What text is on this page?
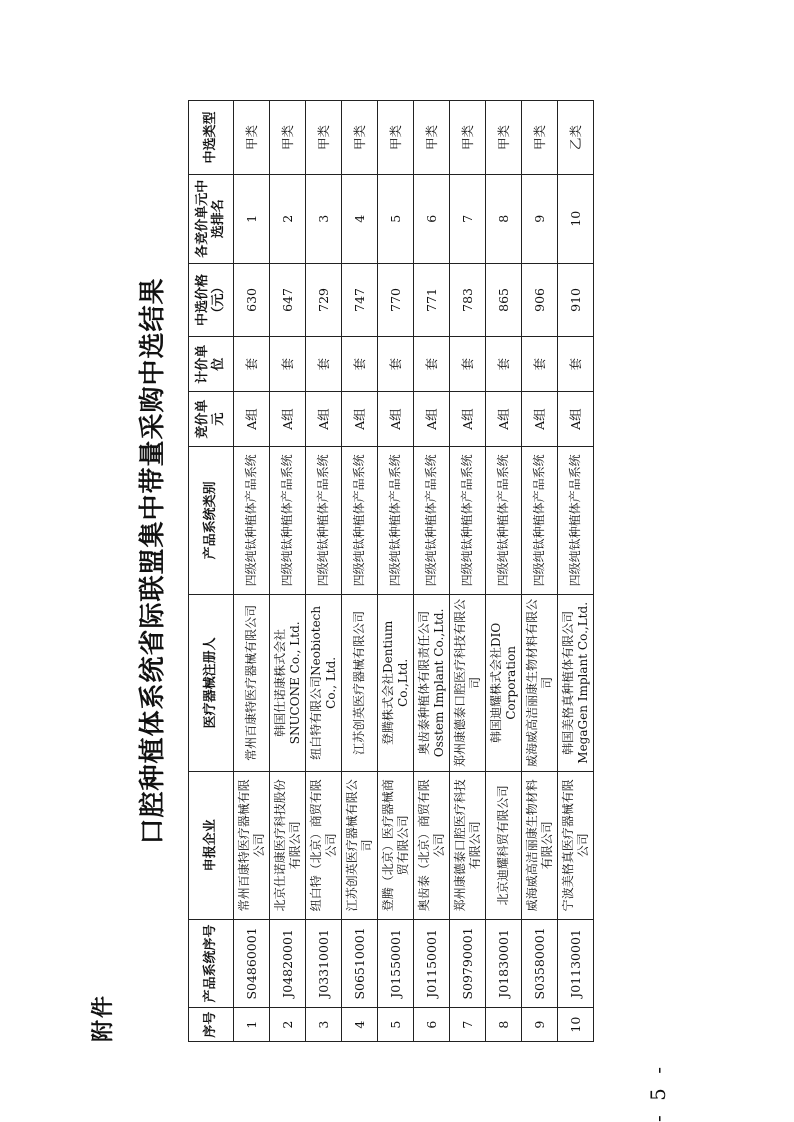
附件
口腔种植体系统省际联盟集中带量采购中选结果
序号	产品系统序号	申报企业	医疗器械注册人	产品系统类别	竞价单元	计价单位	中选价格（元）	各竞价单元中选排名	中选类型
1	S04860001	常州百康特医疗器械有限公司	常州百康特医疗器械有限公司	四级纯钛种植体产品系统	A组	套	630	1	甲类
2	J04820001	北京仕诺康医疗科技股份有限公司	韩国仕诺康株式会社SNUCONE Co., Ltd.	四级纯钛种植体产品系统	A组	套	647	2	甲类
3	J03310001	纽白特（北京）商贸有限公司	纽白特有限公司Neobiotech Co., Ltd.	四级纯钛种植体产品系统	A组	套	729	3	甲类
4	S06510001	江苏创英医疗器械有限公司	江苏创英医疗器械有限公司	四级纯钛种植体产品系统	A组	套	747	4	甲类
5	J01550001	登腾（北京）医疗器械商贸有限公司	登腾株式会社Dentium Co.,Ltd.	四级纯钛种植体产品系统	A组	套	770	5	甲类
6	J01150001	奥齿泰（北京）商贸有限公司	奥齿泰种植体有限责任公司Osstem Implant Co.,Ltd.	四级纯钛种植体产品系统	A组	套	771	6	甲类
7	S09790001	郑州康德泰口腔医疗科技有限公司	郑州康德泰口腔医疗科技有限公司	四级纯钛种植体产品系统	A组	套	783	7	甲类
8	J01830001	北京迪耀科贸有限公司	韩国迪耀株式会社DIO Corporation	四级纯钛种植体产品系统	A组	套	865	8	甲类
9	S03580001	威海威高洁丽康生物材料有限公司	威海威高洁丽康生物材料有限公司	四级纯钛种植体产品系统	A组	套	906	9	甲类
10	J01130001	宁波美格真医疗器械有限公司	韩国美格真种植体有限公司MegaGen Implant Co.,Ltd.	四级纯钛种植体产品系统	A组	套	910	10	乙类
- 5 -
